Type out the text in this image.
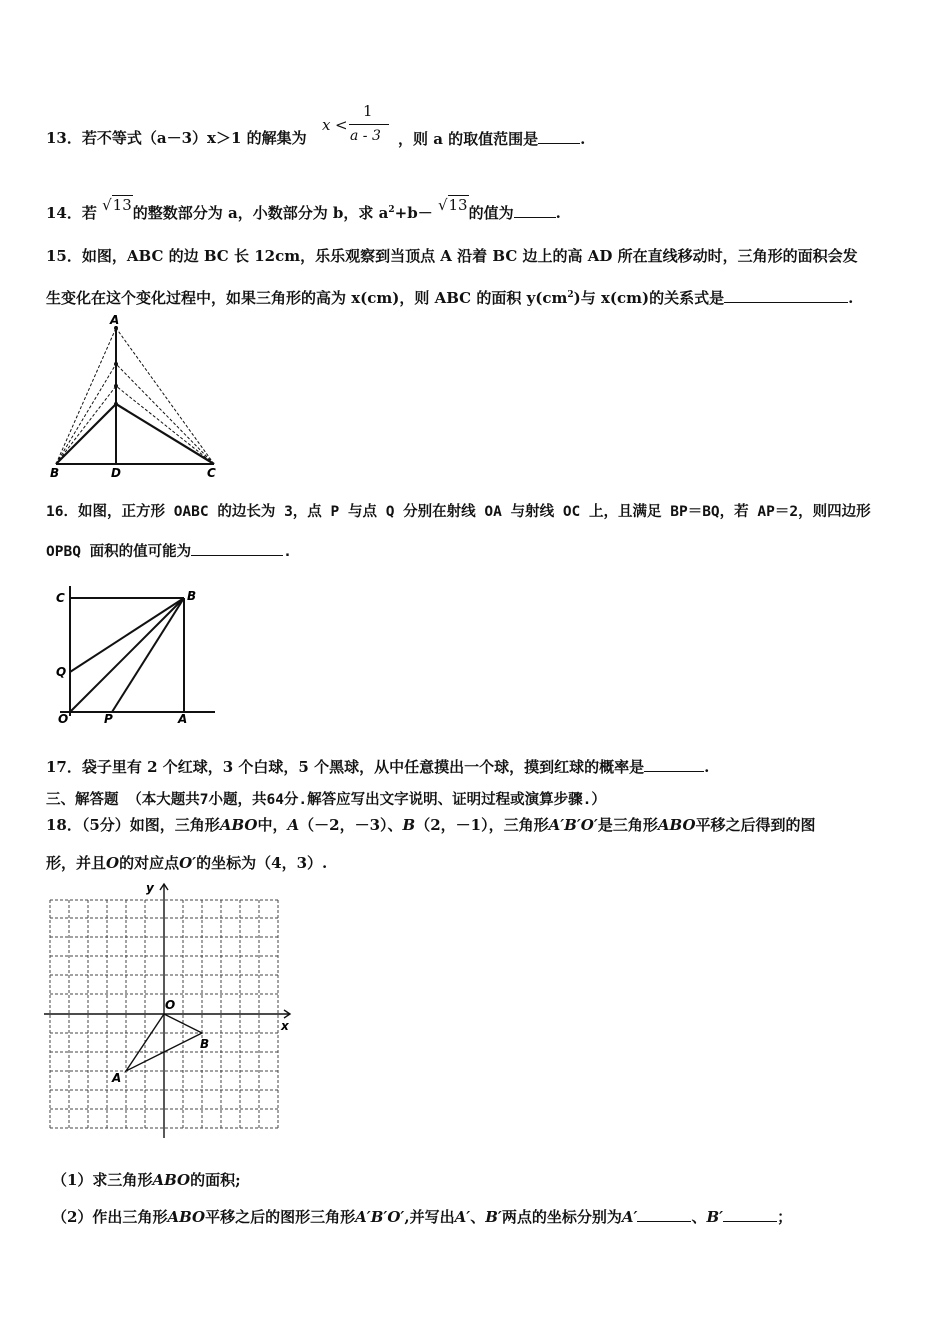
13．若不等式（a－3）x＞1 的解集为
x <
1
a - 3 ，则 a 的取值范围是	.
14．若 √13的整数部分为 a，小数部分为 b，求 $a^2+b- √13$的值为	.
15．如图，ABC 的边 BC 长 12cm，乐乐观察到当顶点 A 沿着 BC 边上的高 AD 所在直线移动时，三角形的面积会发
生变化在这个变化过程中，如果三角形的高为 x(cm)，则 ABC 的面积 $y(cm^2)$与 x(cm)的关系式是	.
A
B	D	C
16．如图，正方形 OABC 的边长为 3，点 P 与点 Q 分别在射线 OA 与射线 OC 上，且满足 BP＝BQ，若 AP＝2，则四边形
OPBQ 面积的值可能为	.
C	B
Q
O	P	A
17．袋子里有 2 个红球，3 个白球，5 个黑球，从中任意摸出一个球，摸到红球的概率是	.
三、解答题 （本大题共7小题，共64分.解答应写出文字说明、证明过程或演算步骤.）
18．（5分）如图，三角形ABO中，A（－2，－3）、B（2，－1），三角形A′B′O′是三角形ABO平移之后得到的图
形，并且O的对应点O′的坐标为（4，3）.
y
x
O
A
B
（1）求三角形ABO的面积;
（2）作出三角形ABO平移之后的图形三角形A′B′O′,并写出A′、B′两点的坐标分别为A′	、B′	；
